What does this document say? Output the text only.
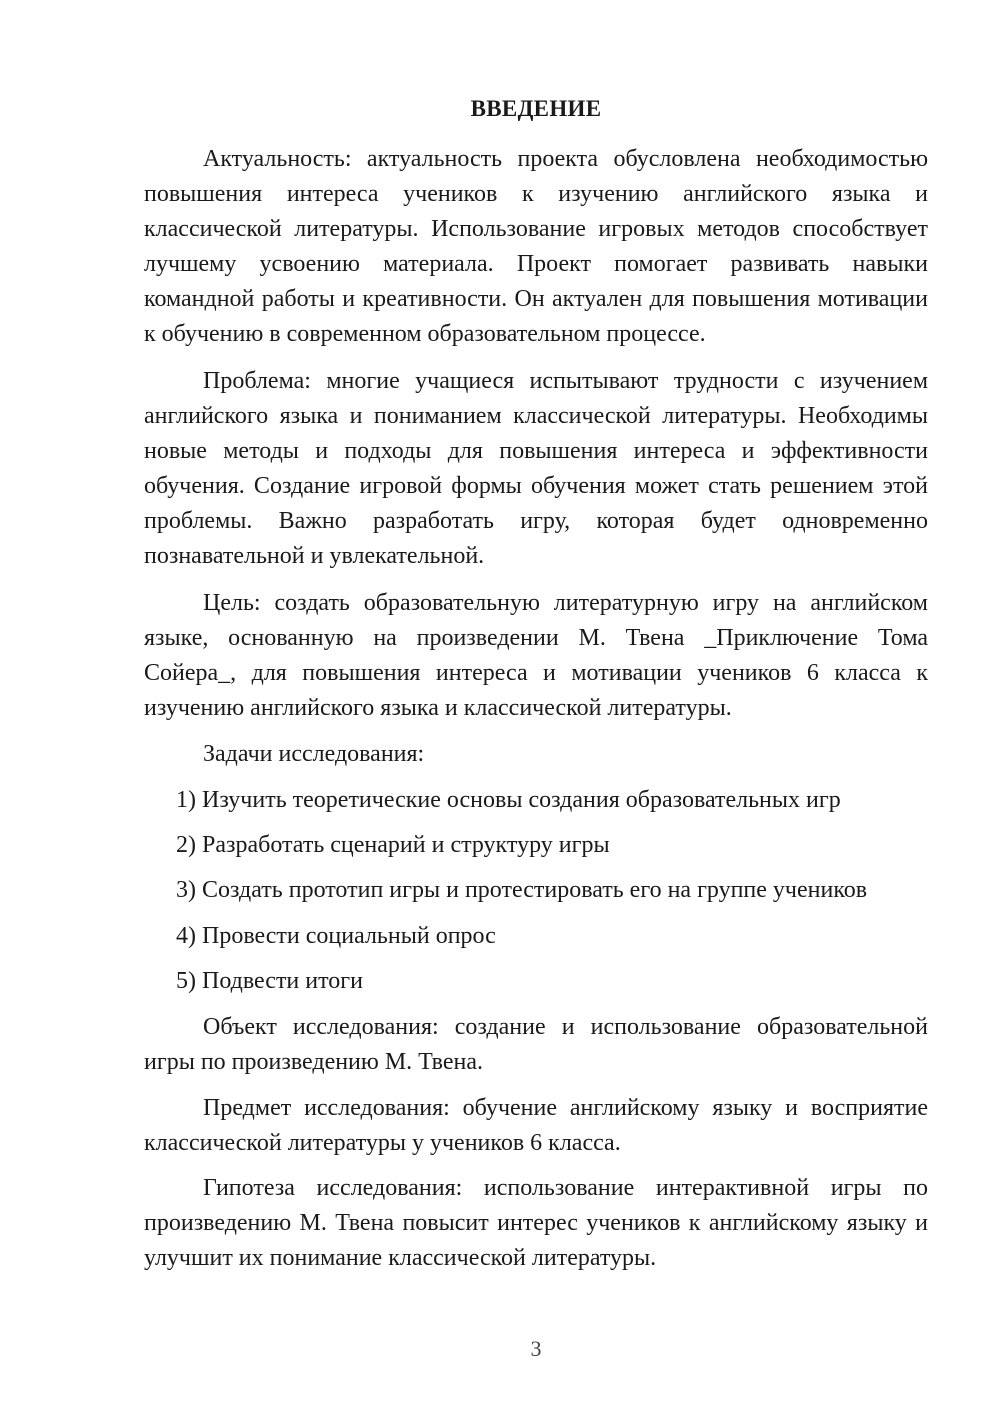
ВВЕДЕНИЕ

Актуальность: актуальность проекта обусловлена необходимостью повышения интереса учеников к изучению английского языка и классической литературы. Использование игровых методов способствует лучшему усвоению материала. Проект помогает развивать навыки командной работы и креативности. Он актуален для повышения мотивации к обучению в современном образовательном процессе.

Проблема: многие учащиеся испытывают трудности с изучением английского языка и пониманием классической литературы. Необходимы новые методы и подходы для повышения интереса и эффективности обучения. Создание игровой формы обучения может стать решением этой проблемы. Важно разработать игру, которая будет одновременно познавательной и увлекательной.

Цель: создать образовательную литературную игру на английском языке, основанную на произведении М. Твена _Приключение Тома Сойера_, для повышения интереса и мотивации учеников 6 класса к изучению английского языка и классической литературы.

Задачи исследования:

1) Изучить теоретические основы создания образовательных игр

2) Разработать сценарий и структуру игры

3) Создать прототип игры и протестировать его на группе учеников

4) Провести социальный опрос

5) Подвести итоги

Объект исследования: создание и использование образовательной игры по произведению М. Твена.

Предмет исследования: обучение английскому языку и восприятие классической литературы у учеников 6 класса.

Гипотеза исследования: использование интерактивной игры по произведению М. Твена повысит интерес учеников к английскому языку и улучшит их понимание классической литературы.

3
